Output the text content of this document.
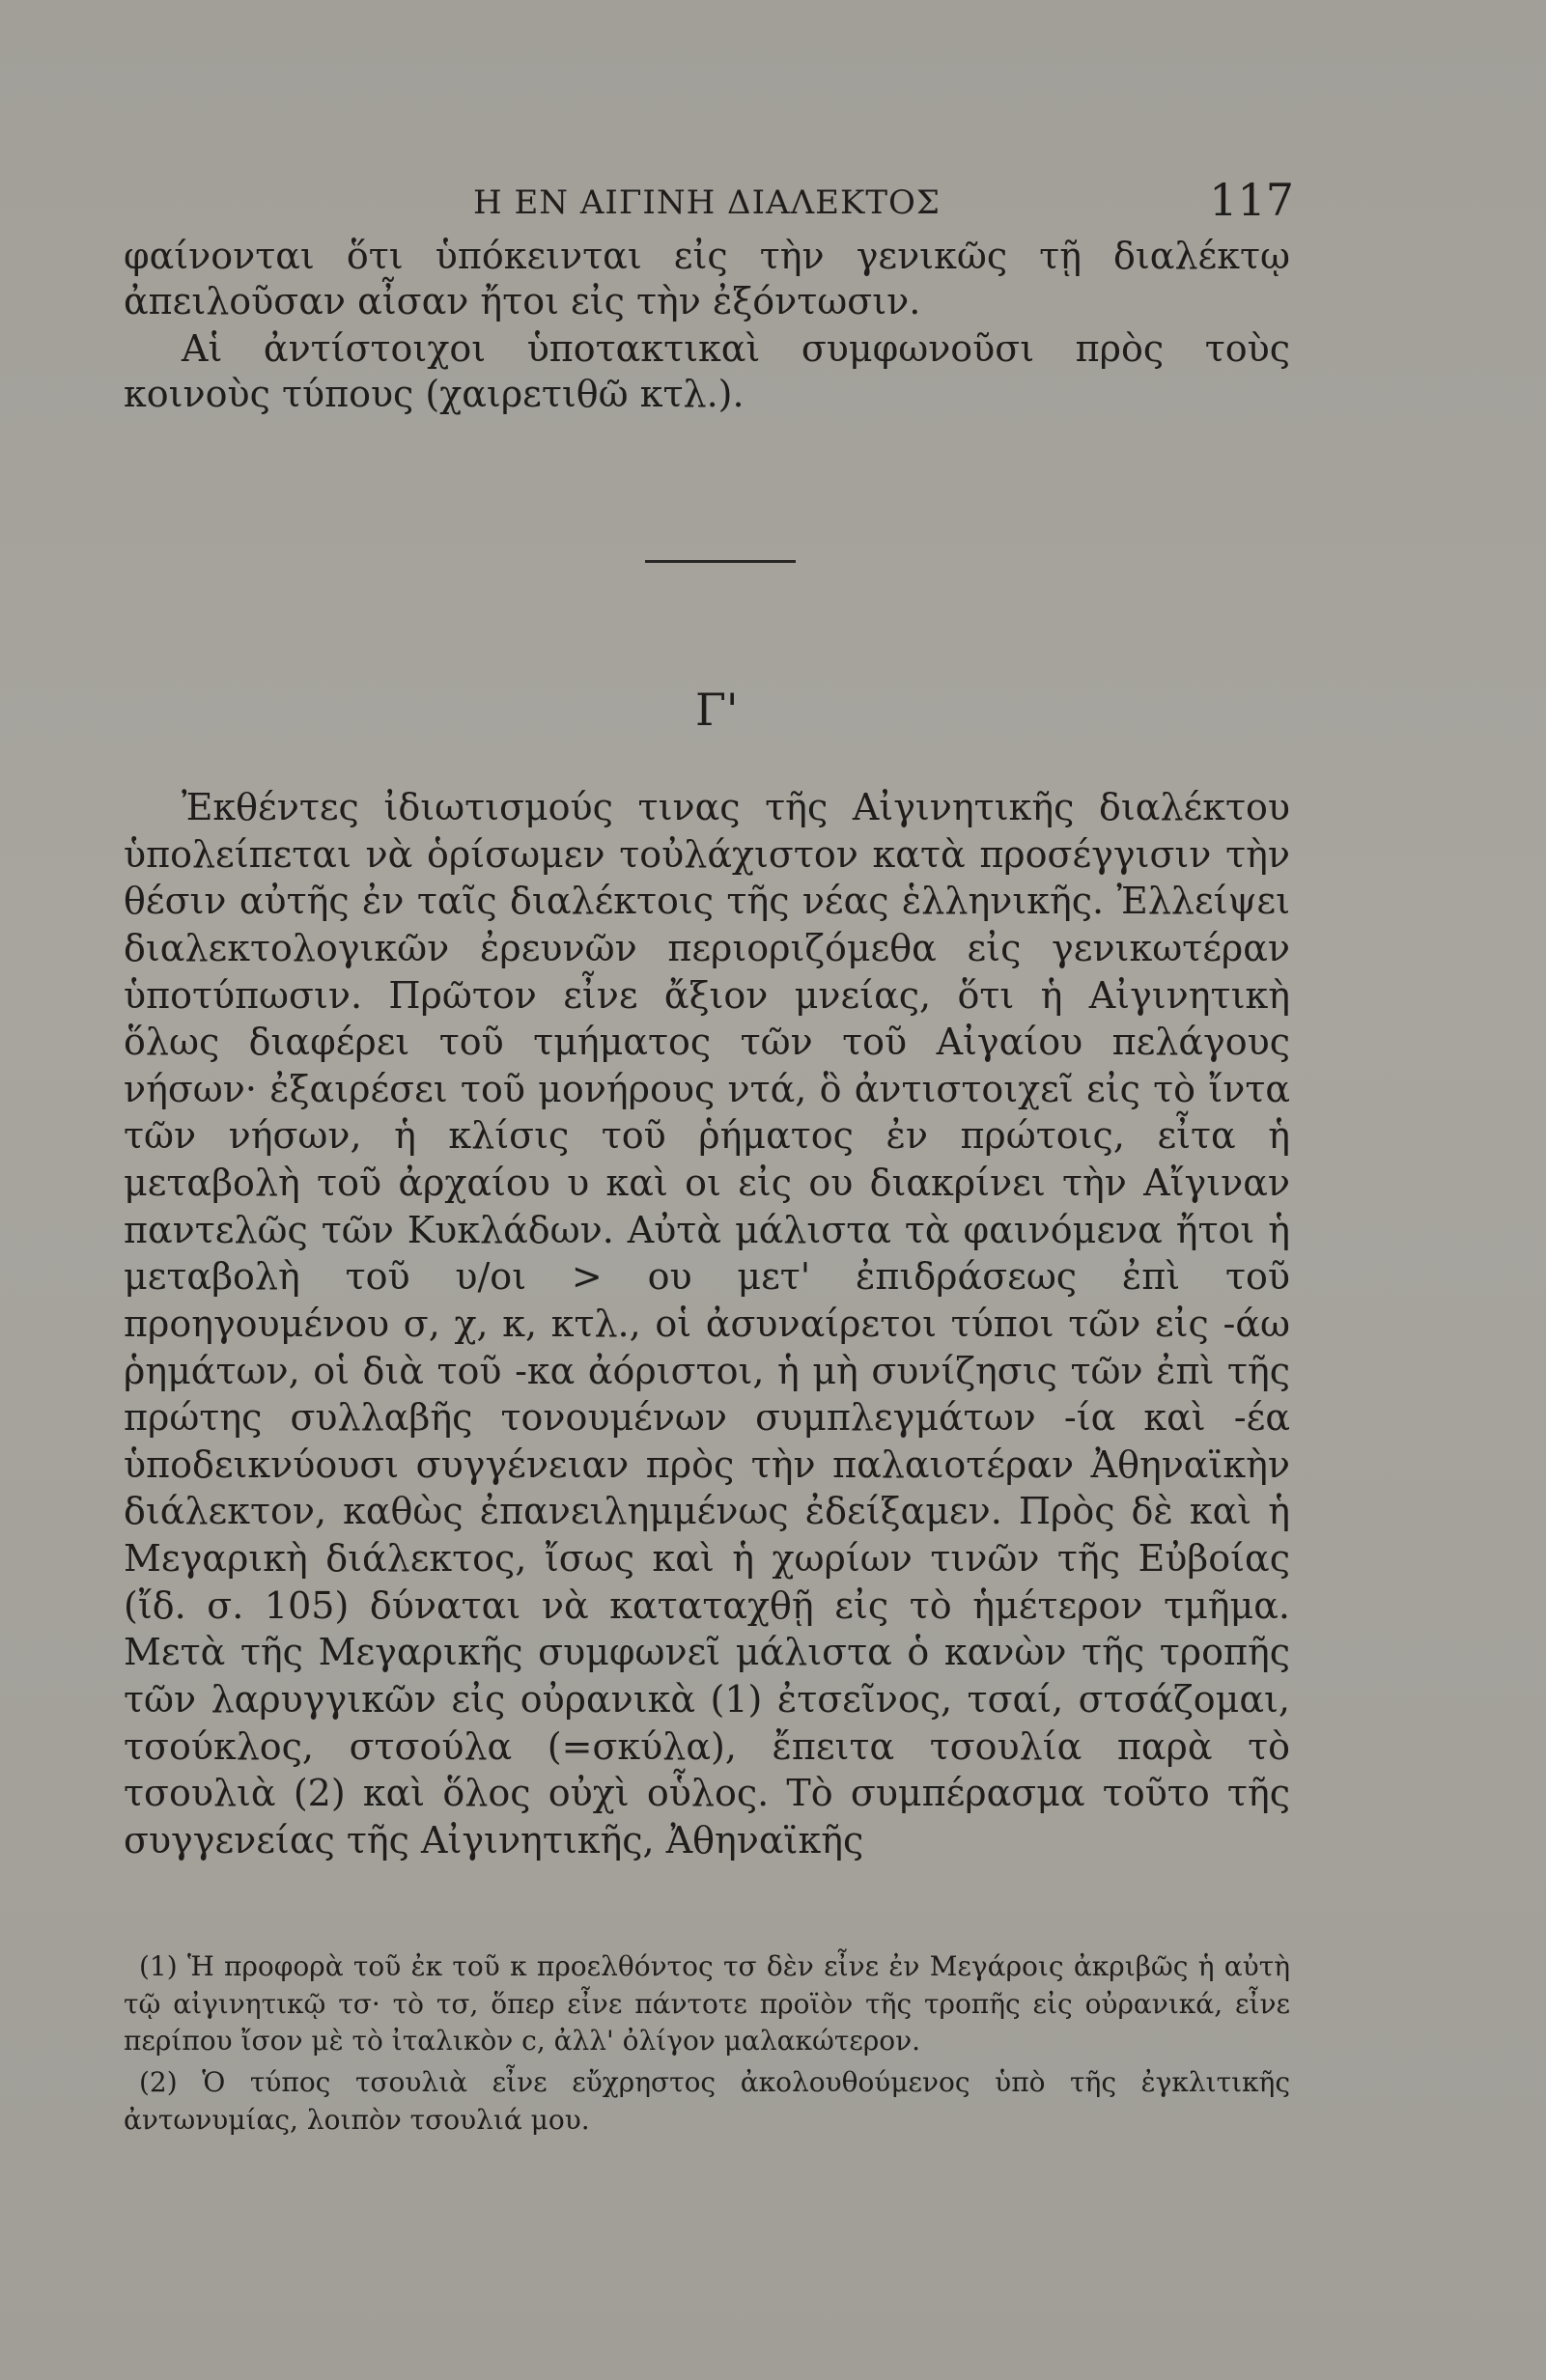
Η ΕΝ ΑΙΓΙΝΗ ΔΙΑΛΕΚΤΟΣ	117

φαίνονται ὅτι ὑπόκεινται εἰς τὴν γενικῶς τῇ διαλέκτῳ ἀπειλοῦσαν αἶσαν ἤτοι εἰς τὴν ἐξόντωσιν.

Αἱ ἀντίστοιχοι ὑποτακτικαὶ συμφωνοῦσι πρὸς τοὺς κοινοὺς τύπους (χαιρετιθῶ κτλ.).

Γ'

Ἐκθέντες ἰδιωτισμούς τινας τῆς Αἰγινητικῆς διαλέκτου ὑπολείπεται νὰ ὁρίσωμεν τοὐλάχιστον κατὰ προσέγγισιν τὴν θέσιν αὐτῆς ἐν ταῖς διαλέκτοις τῆς νέας ἑλληνικῆς. Ἐλλείψει διαλεκτολογικῶν ἐρευνῶν περιοριζόμεθα εἰς γενικωτέραν ὑποτύπωσιν. Πρῶτον εἶνε ἄξιον μνείας, ὅτι ἡ Αἰγινητικὴ ὅλως διαφέρει τοῦ τμήματος τῶν τοῦ Αἰγαίου πελάγους νήσων· ἐξαιρέσει τοῦ μονήρους ντά, ὃ ἀντιστοιχεῖ εἰς τὸ ἴντα τῶν νήσων, ἡ κλίσις τοῦ ῥήματος ἐν πρώτοις, εἶτα ἡ μεταβολὴ τοῦ ἀρχαίου υ καὶ οι εἰς ου διακρίνει τὴν Αἴγιναν παντελῶς τῶν Κυκλάδων. Αὐτὰ μάλιστα τὰ φαινόμενα ἤτοι ἡ μεταβολὴ τοῦ υ/οι > ου μετ' ἐπιδράσεως ἐπὶ τοῦ προηγουμένου σ, χ, κ, κτλ., οἱ ἀσυναίρετοι τύποι τῶν εἰς -άω ῥημάτων, οἱ διὰ τοῦ -κα ἀόριστοι, ἡ μὴ συνίζησις τῶν ἐπὶ τῆς πρώτης συλλαβῆς τονουμένων συμπλεγμάτων -ία καὶ -έα ὑποδεικνύουσι συγγένειαν πρὸς τὴν παλαιοτέραν Ἀθηναϊκὴν διάλεκτον, καθὼς ἐπανειλημμένως ἐδείξαμεν. Πρὸς δὲ καὶ ἡ Μεγαρικὴ διάλεκτος, ἴσως καὶ ἡ χωρίων τινῶν τῆς Εὐβοίας (ἴδ. σ. 105) δύναται νὰ καταταχθῇ εἰς τὸ ἡμέτερον τμῆμα. Μετὰ τῆς Μεγαρικῆς συμφωνεῖ μάλιστα ὁ κανὼν τῆς τροπῆς τῶν λαρυγγικῶν εἰς οὐρανικὰ (1) ἐτσεῖνος, τσαί, στσάζομαι, τσούκλος, στσούλα (=σκύλα), ἔπειτα τσουλία παρὰ τὸ τσουλιὰ (2) καὶ ὅλος οὐχὶ οὗλος. Τὸ συμπέρασμα τοῦτο τῆς συγγενείας τῆς Αἰγινητικῆς, Ἀθηναϊκῆς

(1) Ἡ προφορὰ τοῦ ἐκ τοῦ κ προελθόντος τσ δὲν εἶνε ἐν Μεγάροις ἀκριβῶς ἡ αὐτὴ τῷ αἰγινητικῷ τσ· τὸ τσ, ὅπερ εἶνε πάντοτε προϊὸν τῆς τροπῆς εἰς οὐρανικά, εἶνε περίπου ἴσον μὲ τὸ ἰταλικὸν c, ἀλλ' ὀλίγον μαλακώτερον.

(2) Ὁ τύπος τσουλιὰ εἶνε εὔχρηστος ἀκολουθούμενος ὑπὸ τῆς ἐγκλιτικῆς ἀντωνυμίας, λοιπὸν τσουλιά μου.
